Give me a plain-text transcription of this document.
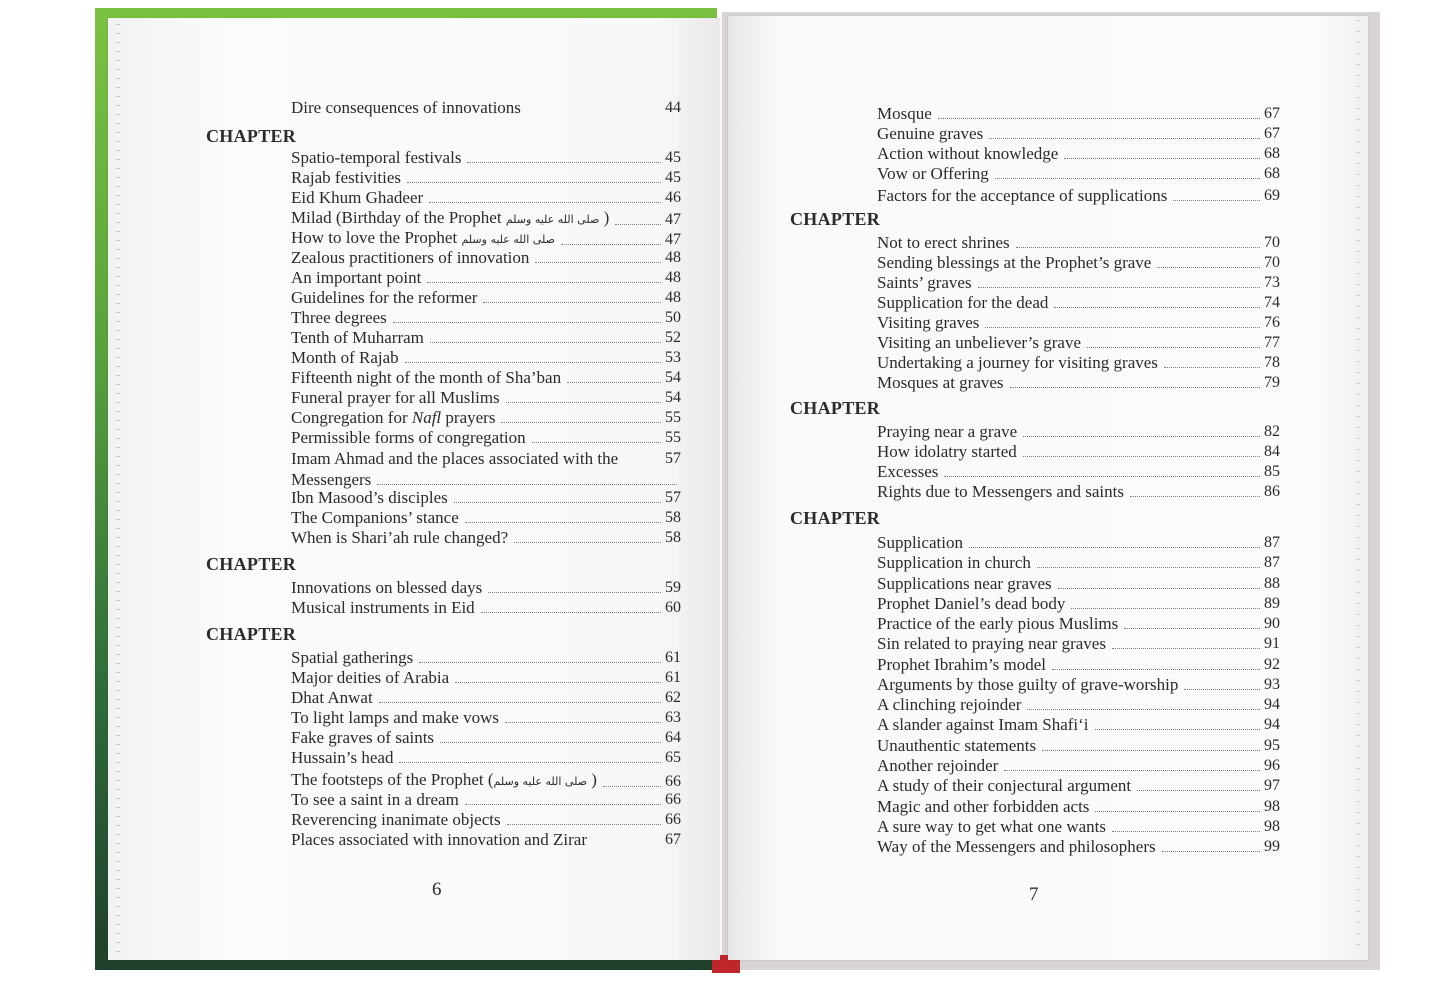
Dire consequences of innovations	44
CHAPTER
Spatio-temporal festivals	45
Rajab festivities	45
Eid Khum Ghadeer	46
Milad (Birthday of the Prophet صلى الله عليه وسلم )	47
How to love the Prophet صلى الله عليه وسلم	47
Zealous practitioners of innovation	48
An important point	48
Guidelines for the reformer	48
Three degrees	50
Tenth of Muharram	52
Month of Rajab	53
Fifteenth night of the month of Sha’ban	54
Funeral prayer for all Muslims	54
Congregation for Nafl prayers	55
Permissible forms of congregation	55
Imam Ahmad and the places associated with the	57
Messengers
Ibn Masood’s disciples	57
The Companions’ stance	58
When is Shari’ah rule changed?	58
CHAPTER
Innovations on blessed days	59
Musical instruments in Eid	60
CHAPTER
Spatial gatherings	61
Major deities of Arabia	61
Dhat Anwat	62
To light lamps and make vows	63
Fake graves of saints	64
Hussain’s head	65
The footsteps of the Prophet (صلى الله عليه وسلم )	66
To see a saint in a dream	66
Reverencing inanimate objects	66
Places associated with innovation and Zirar	67
Mosque	67
Genuine graves	67
Action without knowledge	68
Vow or Offering	68
Factors for the acceptance of supplications	69
CHAPTER
Not to erect shrines	70
Sending blessings at the Prophet’s grave	70
Saints’ graves	73
Supplication for the dead	74
Visiting graves	76
Visiting an unbeliever’s grave	77
Undertaking a journey for visiting graves	78
Mosques at graves	79
CHAPTER
Praying near a grave	82
How idolatry started	84
Excesses	85
Rights due to Messengers and saints	86
CHAPTER
Supplication	87
Supplication in church	87
Supplications near graves	88
Prophet Daniel’s dead body	89
Practice of the early pious Muslims	90
Sin related to praying near graves	91
Prophet Ibrahim’s model	92
Arguments by those guilty of grave-worship	93
A clinching rejoinder	94
A slander against Imam Shafi‘i	94
Unauthentic statements	95
Another rejoinder	96
A study of their conjectural argument	97
Magic and other forbidden acts	98
A sure way to get what one wants	98
Way of the Messengers and philosophers	99
6	7
